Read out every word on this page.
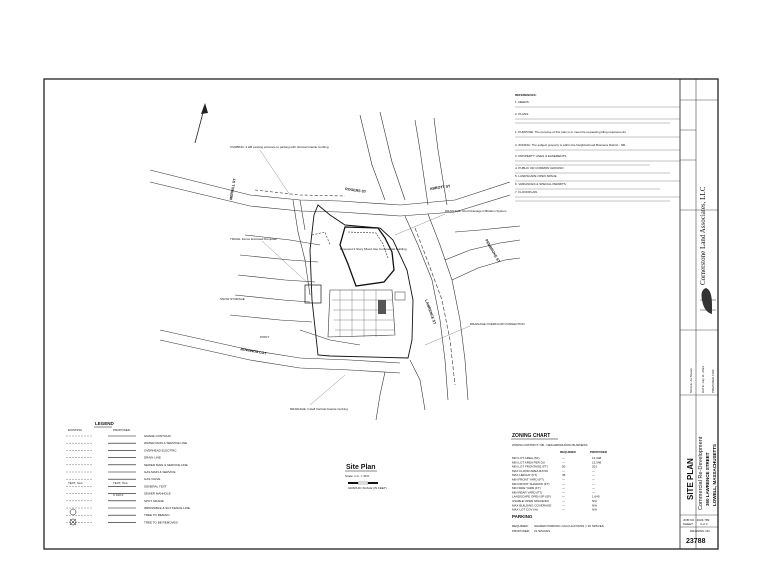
ROGERS ST	ABBOTT ST
MERRILL ST
LAWRENCE ST
PEMBROKE ST
JENNINGS LOT
CURBING: 3 HB existing entrance to parking with Vertical Granite Curbing
Proposed 2 Story Mixed Use Commercial Building
DRAINAGE: Roof Drainage Infiltration System
TRASH: Fence Enclosed Dumpster
SNOW STORAGE
POINT
DRAINAGE OVERFLOW CONNECTION
DRAINAGE: Install Vertical Granite Curbing
Site Plan
Scale: 1 in. = 30 ft.
GRAPHIC SCALE (IN FEET)
REFERENCES:
1. DEEDS:
2. PLANS:
1. PURPOSE: The purpose of this plan is to meet the requesting filing requirements
2. ZONING: The subject property is within the Neighborhood Business District - NB.
3. PROPERTY LINES & EASEMENTS
4. PUBLIC OR COMMON GROUND
5. LANDSCAPE OPEN SPACE
6. VARIANCES & SPECIAL PERMITS
7. FLOODPLAIN
LEGEND
EXISTING	PROPOSED
GRADE CONTOUR
WATER MAIN & SERVICE LINE
OVERHEAD ELECTRIC
DRAIN LINE
SEWER MAIN & SERVICE LINE
GAS MAIN & SERVICE
GAS VALVE
GENERAL TEXT
SEWER MANHOLE
SPOT GRADE
IMPASSIBLE & SILT FENCE LINE
TREE TO REMAIN
TREE TO BE REMOVED
TEXT, Text	TEXT, Text
X 100.0
ZONING CHART
ZONING DISTRICT: NB - NEIGHBORHOOD BUSINESS
REQUIRED	PROPOSED
MIN LOT AREA (SF)	—	12,348
MIN LOT AREA PER DU	—	12,348
MIN LOT FRONTAGE (FT)	50	201
MAX FLOOR AREA RATIO	—	—
MAX HEIGHT (FT)	45	—
MIN FRONT YARD (FT)	—	—
MIN FRONT SHADOW (FT)	—	—
MIN SIDE YARD (FT)	—	—
MIN REAR YARD (FT)	—	—
LANDSCAPE OPEN SP (SF)	—	1,640
USABLE OPEN SPACE/DU	—	N/A
MAX BUILDING COVERAGE	—	N/A
MAX LOT COV (%)	—	N/A
PARKING
REQUIRED: SHARED PARKING CALCULATIONS = 30 SPACES
PROPOSED: 21 SPACES
Cornerstone Land Associates, LLC
SCALE: As Shown	DATE: July 11, 2023 PREPARED FOR:
SITE PLAN Commercial Re-Development 360 LAWRENCE STREET LOWELL, MASSACHUSETTS
JOB NO.: 2023-789
SHEET: 3 of 4
DRAWING NO.
23788
